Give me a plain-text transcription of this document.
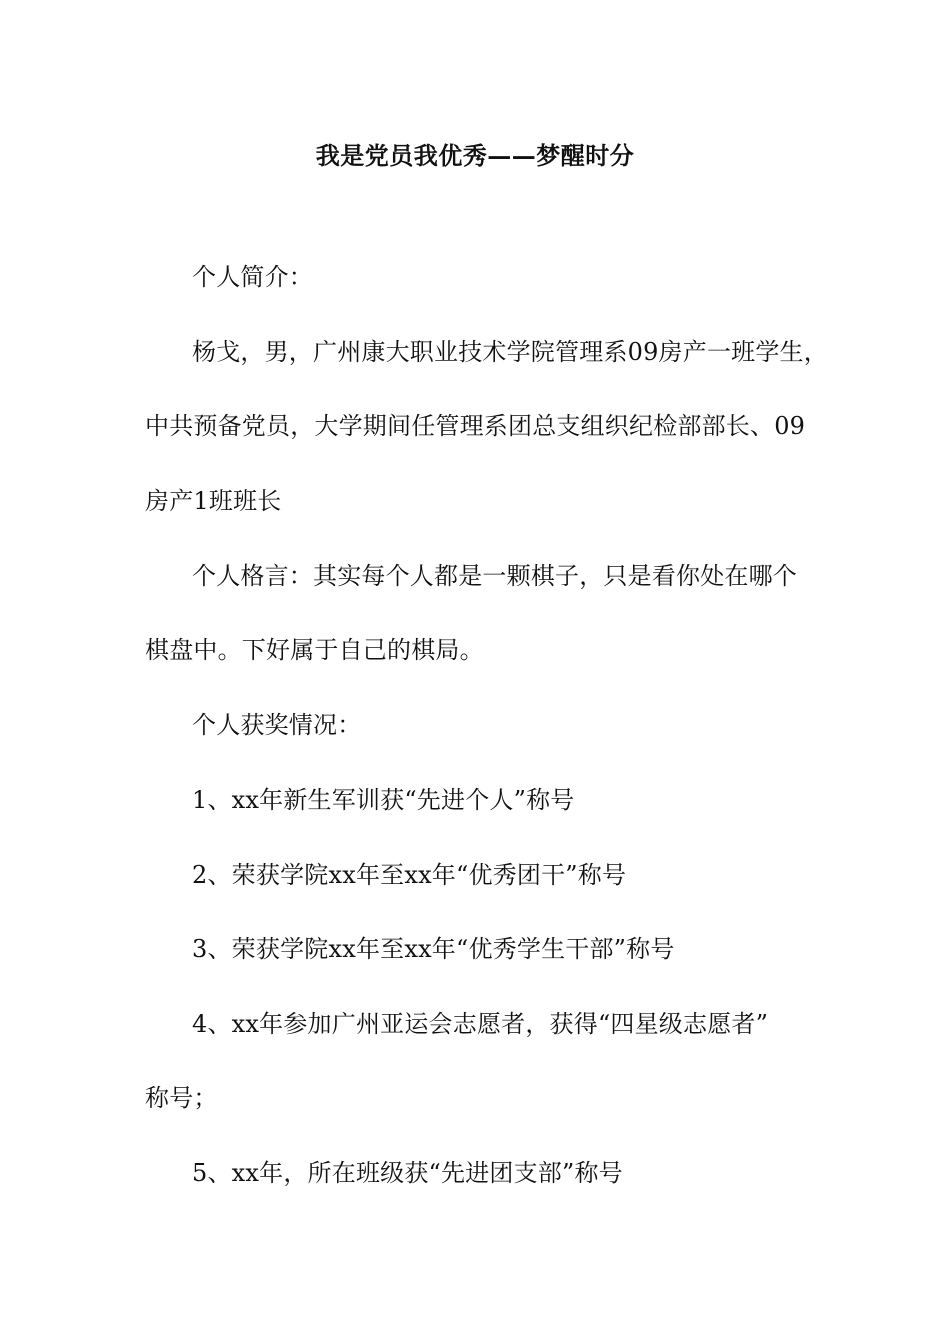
我是党员我优秀——梦醒时分
个人简介：
杨戈，男，广州康大职业技术学院管理系09房产一班学生，
中共预备党员，大学期间任管理系团总支组织纪检部部长、09
房产1班班长
个人格言：其实每个人都是一颗棋子，只是看你处在哪个
棋盘中。下好属于自己的棋局。
个人获奖情况：
1、xx年新生军训获“先进个人”称号
2、荣获学院xx年至xx年“优秀团干”称号
3、荣获学院xx年至xx年“优秀学生干部”称号
4、xx年参加广州亚运会志愿者，获得“四星级志愿者”
称号；
5、xx年，所在班级获“先进团支部”称号
